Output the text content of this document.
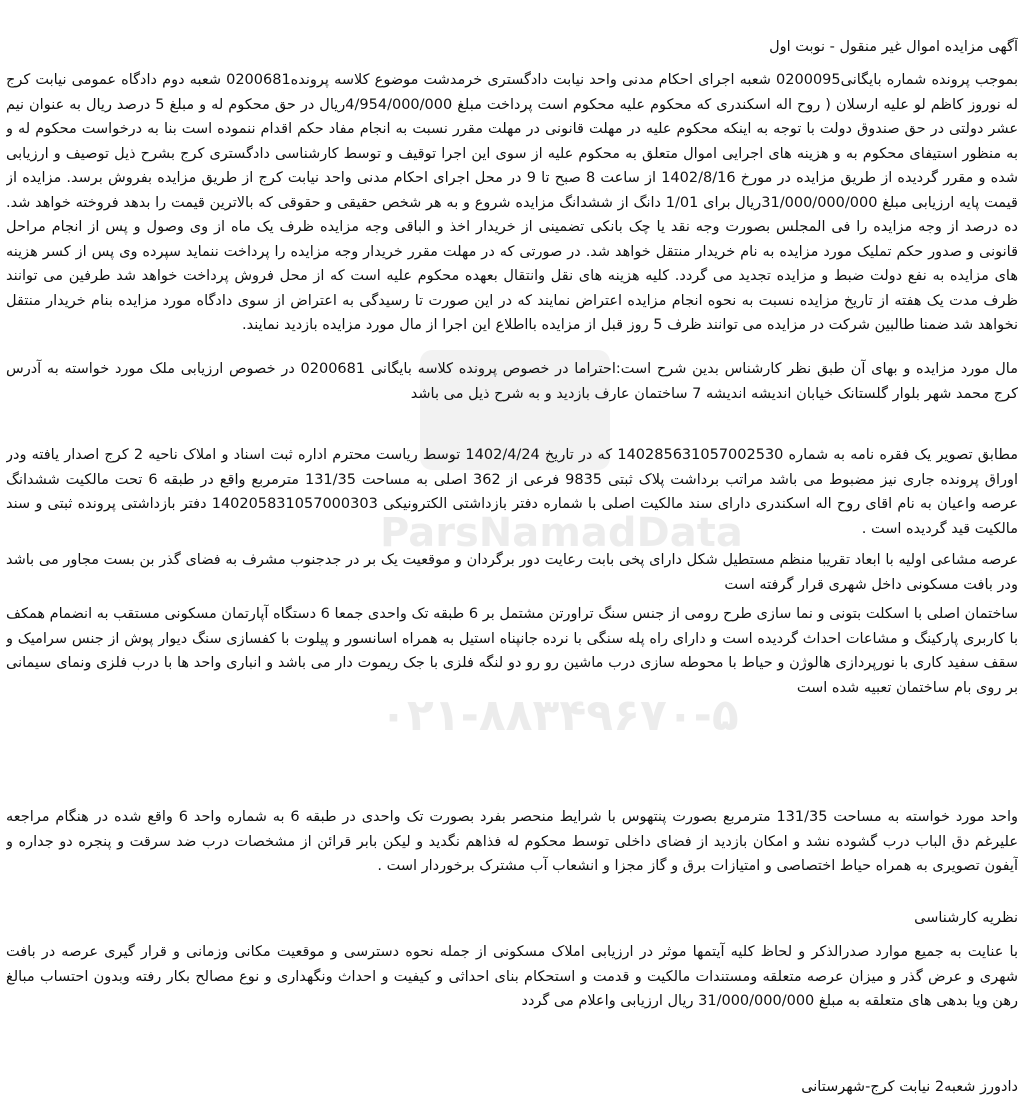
ParsNamadData
۰۲۱-۸۸۳۴۹۶۷۰-۵

آگهی مزایده اموال غیر منقول - نوبت اول

بموجب پرونده شماره بایگانی0200095 شعبه اجرای احکام مدنی واحد نیابت دادگستری خرمدشت موضوع کلاسه پرونده0200681 شعبه دوم دادگاه عمومی نیابت کرج له نوروز کاظم لو علیه ارسلان ( روح اله اسکندری که محکوم علیه محکوم است پرداخت مبلغ 4/954/000/000ریال در حق محکوم له و مبلغ 5 درصد ریال به عنوان نیم عشر دولتی در حق صندوق دولت با توجه به اینکه محکوم علیه در مهلت قانونی در مهلت مقرر نسبت به انجام مفاد حکم اقدام ننموده است بنا به درخواست محکوم له و به منظور استیفای محکوم به و هزینه های اجرایی اموال متعلق به محکوم علیه از سوی این اجرا توقیف و توسط کارشناسی دادگستری کرج بشرح ذیل توصیف و ارزیابی شده و مقرر گردیده از طریق مزایده در مورخ 1402/8/16 از ساعت 8 صبح تا 9 در محل اجرای احکام مدنی واحد نیابت کرج از طریق مزایده بفروش برسد. مزایده از قیمت پایه ارزیابی مبلغ 31/000/000/000ریال برای 1/01 دانگ از ششدانگ مزایده شروع و به هر شخص حقیقی و حقوقی که بالاترین قیمت را بدهد فروخته خواهد شد. ده درصد از وجه مزایده را فی المجلس بصورت وجه نقد یا چک بانکی تضمینی از خریدار اخذ و الباقی وجه مزایده ظرف یک ماه از وی وصول و پس از انجام مراحل قانونی و صدور حکم تملیک مورد مزایده به نام خریدار منتقل خواهد شد. در صورتی که در مهلت مقرر خریدار وجه مزایده را پرداخت ننماید سپرده وی پس از کسر هزینه های مزایده به نفع دولت ضبط و مزایده تجدید می گردد. کلیه هزینه های نقل وانتقال بعهده محکوم علیه است که از محل فروش پرداخت خواهد شد طرفین می توانند ظرف مدت یک هفته از تاریخ مزایده نسبت به نحوه انجام مزایده اعتراض نمایند که در این صورت تا رسیدگی به اعتراض از سوی دادگاه مورد مزایده بنام خریدار منتقل نخواهد شد ضمنا طالبین شرکت در مزایده می توانند ظرف 5 روز قبل از مزایده بااطلاع این اجرا از مال مورد مزایده بازدید نمایند.

مال مورد مزایده و بهای آن طبق نظر کارشناس بدین شرح است:احتراما در خصوص پرونده کلاسه بایگانی 0200681 در خصوص ارزیابی ملک مورد خواسته به آدرس کرج محمد شهر بلوار گلستانک خیابان اندیشه اندیشه 7 ساختمان عارف بازدید و به شرح ذیل می باشد

مطابق تصویر یک فقره نامه به شماره 140285631057002530 که در تاریخ 1402/4/24 توسط ریاست محترم اداره ثبت اسناد و املاک ناحیه 2 کرج اصدار یافته ودر اوراق پرونده جاری نیز مضبوط می باشد مراتب برداشت پلاک ثبتی 9835 فرعی از 362 اصلی به مساحت 131/35 مترمربع واقع در طبقه 6 تحت مالکیت ششدانگ عرصه واعیان به نام اقای روح اله اسکندری دارای سند مالکیت اصلی با شماره دفتر بازداشتی الکترونیکی 140205831057000303 دفتر بازداشتی پرونده ثبتی و سند مالکیت قید گردیده است .

عرصه مشاعی اولیه با ابعاد تقریبا منظم مستطیل شکل دارای پخی بابت رعایت دور برگردان و موقعیت یک بر در جدجنوب مشرف به فضای گذر بن بست مجاور می باشد ودر بافت مسکونی داخل شهری قرار گرفته است

ساختمان اصلی با اسکلت بتونی و نما سازی طرح رومی از جنس سنگ تراورتن مشتمل بر 6 طبقه تک واحدی جمعا 6 دستگاه آپارتمان مسکونی مستقب به انضمام همکف با کاربری پارکینگ و مشاعات احداث گردیده است و دارای راه پله سنگی با نرده جانپناه استیل به همراه اسانسور و پیلوت با کفسازی سنگ دیوار پوش از جنس سرامیک و سقف سفید کاری با نورپردازی هالوژن و حیاط با محوطه سازی درب ماشین رو رو دو لنگه فلزی با جک ریموت دار می باشد و انباری واحد ها با درب فلزی ونمای سیمانی بر روی بام ساختمان تعبیه شده است

واحد مورد خواسته به مساحت 131/35 مترمربع بصورت پنتهوس با شرایط منحصر بفرد بصورت تک واحدی در طبقه 6 به شماره واحد 6 واقع شده در هنگام مراجعه علیرغم دق الباب درب گشوده نشد و امکان بازدید از فضای داخلی توسط محکوم له فذاهم نگدید و لیکن بابر قرائن از مشخصات درب ضد سرقت و پنجره دو جداره و آیفون تصویری به همراه حیاط اختصاصی و امتیازات برق و گاز مجزا و انشعاب آب مشترک برخوردار است .

نظریه کارشناسی

با عنایت به جمیع موارد صدرالذکر و لحاظ کلیه آیتمها موثر در ارزیابی املاک مسکونی از جمله نحوه دسترسی و موقعیت مکانی وزمانی و قرار گیری عرصه در بافت شهری و عرض گذر و میزان عرصه متعلقه ومستندات مالکیت و قدمت و استحکام بنای احداثی و کیفیت و احداث ونگهداری و نوع مصالح بکار رفته وبدون احتساب مبالغ رهن ویا بدهی های متعلقه به مبلغ 31/000/000/000 ریال ارزیابی واعلام می گردد

دادورز شعبه2 نیابت کرج-شهرستانی
